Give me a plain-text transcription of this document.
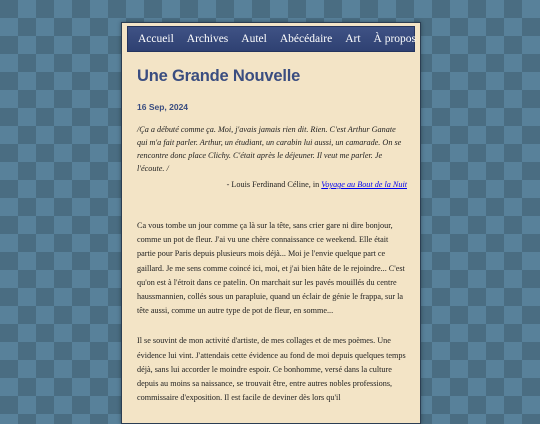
Accueil Archives Autel Abécédaire Art À propos
Une Grande Nouvelle
16 Sep, 2024
/Ça a débuté comme ça. Moi, j'avais jamais rien dit. Rien. C'est Arthur Ganate qui m'a fait parler. Arthur, un étudiant, un carabin lui aussi, un camarade. On se rencontre donc place Clichy. C'était après le déjeuner. Il veut me parler. Je l'écoute. /
- Louis Ferdinand Céline, in Voyage au Bout de la Nuit

Ca vous tombe un jour comme ça là sur la tête, sans crier gare ni dire bonjour, comme un pot de fleur. J'ai vu une chère connaissance ce weekend. Elle était partie pour Paris depuis plusieurs mois déjà... Moi je l'envie quelque part ce gaillard. Je me sens comme coincé ici, moi, et j'ai bien hâte de le rejoindre... C'est qu'on est à l'étroit dans ce patelin. On marchait sur les pavés mouillés du centre haussmannien, collés sous un parapluie, quand un éclair de génie le frappa, sur la tête aussi, comme un autre type de pot de fleur, en somme...

Il se souvint de mon activité d'artiste, de mes collages et de mes poèmes. Une évidence lui vint. J'attendais cette évidence au fond de moi depuis quelques temps déjà, sans lui accorder le moindre espoir. Ce bonhomme, versé dans la culture depuis au moins sa naissance, se trouvait être, entre autres nobles professions, commissaire d'exposition. Il est facile de deviner dès lors qu'il
